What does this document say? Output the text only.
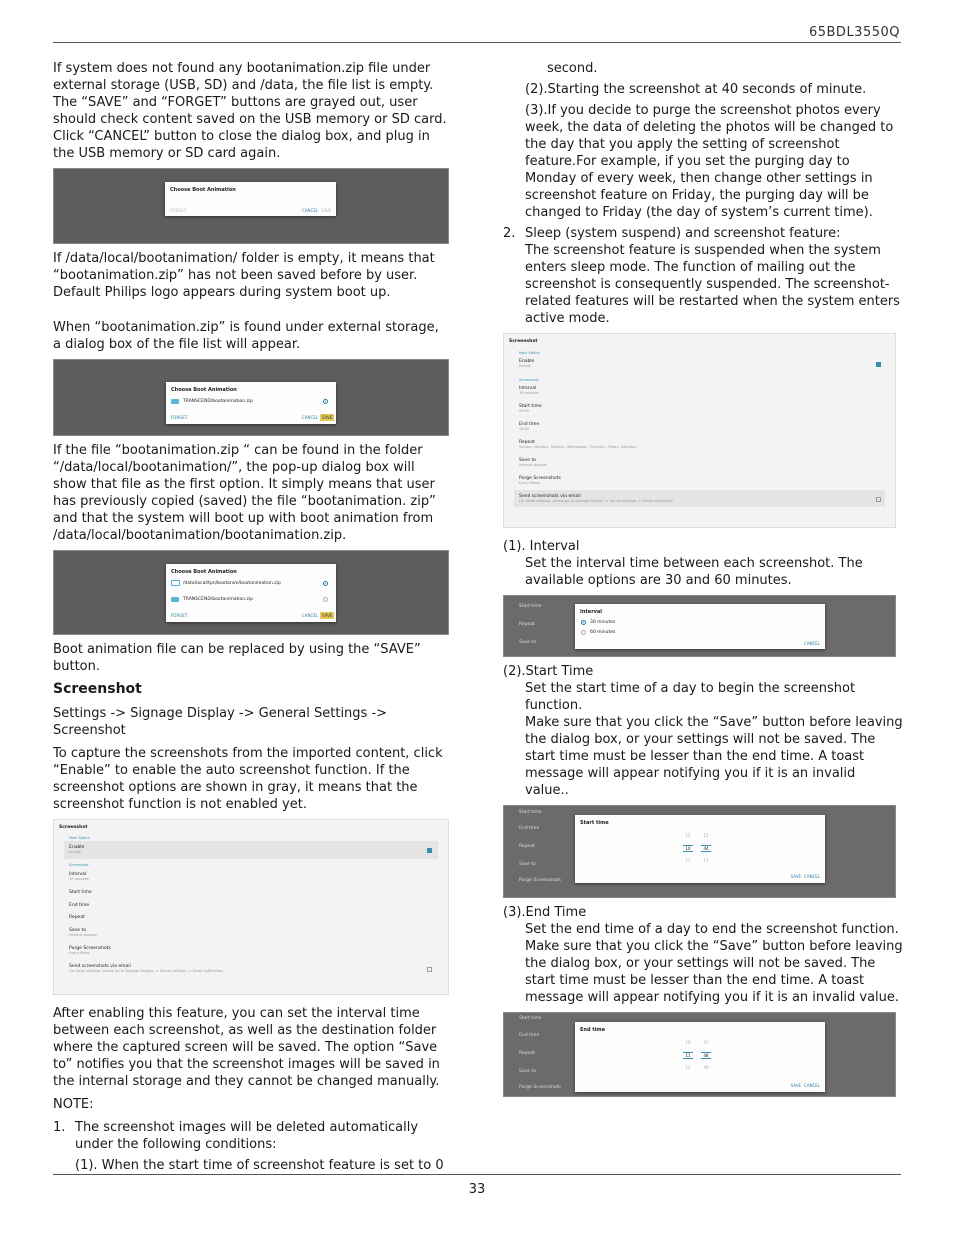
65BDL3550Q

If system does not found any bootanimation.zip file under external storage (USB, SD) and /data, the file list is empty. The “SAVE” and “FORGET” buttons are grayed out, user should check content saved on the USB memory or SD card. Click “CANCEL” button to close the dialog box, and plug in the USB memory or SD card again.

Choose Boot Animation
FORGET	CANCEL SAVE

If /data/local/bootanimation/ folder is empty, it means that “bootanimation.zip” has not been saved before by user. Default Philips logo appears during system boot up.

When “bootanimation.zip” is found under external storage, a dialog box of the file list will appear.

Choose Boot Animation
TRANSCEND/bootanimation.zip
FORGET	CANCEL SAVE

If the file “bootanimation.zip “ can be found in the folder “/data/local/bootanimation/”, the pop-up dialog box will show that file as the first option. It simply means that user has previously copied (saved) the file “bootanimation. zip” and that the system will boot up with boot animation from /data/local/bootanimation/bootanimation.zip.

Choose Boot Animation
/data/local/tpn/bootanim/bootanimation.zip
TRANSCEND/bootanimation.zip
FORGET	CANCEL SAVE

Boot animation file can be replaced by using the “SAVE” button.

Screenshot

Settings -> Signage Display -> General Settings -> Screenshot

To capture the screenshots from the imported content, click “Enable” to enable the auto screenshot function. If the screenshot options are shown in gray, it means that the screenshot function is not enabled yet.

Screenshot
Main Switch
Enable
Enable
Screenshot
Interval
30 minutes
Start time
End time
Repeat
Save to
Internal storage
Purge Screenshots
Every Week
Send screenshots via email
For email settings, please go to Signage Display -> Server settings -> Email notification

After enabling this feature, you can set the interval time between each screenshot, as well as the destination folder where the captured screen will be saved. The option “Save to” notifies you that the screenshot images will be saved in the internal storage and they cannot be changed manually.

NOTE:

1. The screenshot images will be deleted automatically under the following conditions:
(1). When the start time of screenshot feature is set to 0
second.
(2).Starting the screenshot at 40 seconds of minute.
(3).If you decide to purge the screenshot photos every week, the data of deleting the photos will be changed to the day that you apply the setting of screenshot feature.For example, if you set the purging day to Monday of every week, then change other settings in screenshot feature on Friday, the purging day will be changed to Friday (the day of system’s current time).
2. Sleep (system suspend) and screenshot feature:

The screenshot feature is suspended when the system enters sleep mode. The function of mailing out the screenshot is consequently suspended. The screenshot-related features will be restarted when the system enters active mode.

Screenshot
Main Switch
Enable
Enable
Screenshot
Interval
30 minutes
Start time
06:00
End time
18:00
Repeat
Sunday, Monday, Tuesday, Wednesday, Thursday, Friday, Saturday
Save to
Internal storage
Purge Screenshots
Every Week
Send screenshots via email
For email settings, please go to Signage Display -> Server settings -> Email notification

(1). Interval

Set the interval time between each screenshot. The available options are 30 and 60 minutes.

Start time
Repeat
Save to
Interval
30 minutes
60 minutes
CANCEL

(2).Start Time

Set the start time of a day to begin the screenshot function.
Make sure that you click the “Save” button before leaving the dialog box, or your settings will not be saved. The start time must be lesser than the end time. A toast message will appear notifying you if it is an invalid value..

Start time
End time
Repeat
Save to
Purge Screenshots
Start time
15	15
10	44
11	17
SAVE CANCEL

(3).End Time

Set the end time of a day to end the screenshot function. Make sure that you click the “Save” button before leaving the dialog box, or your settings will not be saved. The start time must be lesser than the end time. A toast message will appear notifying you if it is an invalid value.

Start time
End time
Repeat
Save to
Purge Screenshots
End time
10	47
11	48
12	49
SAVE CANCEL
33
